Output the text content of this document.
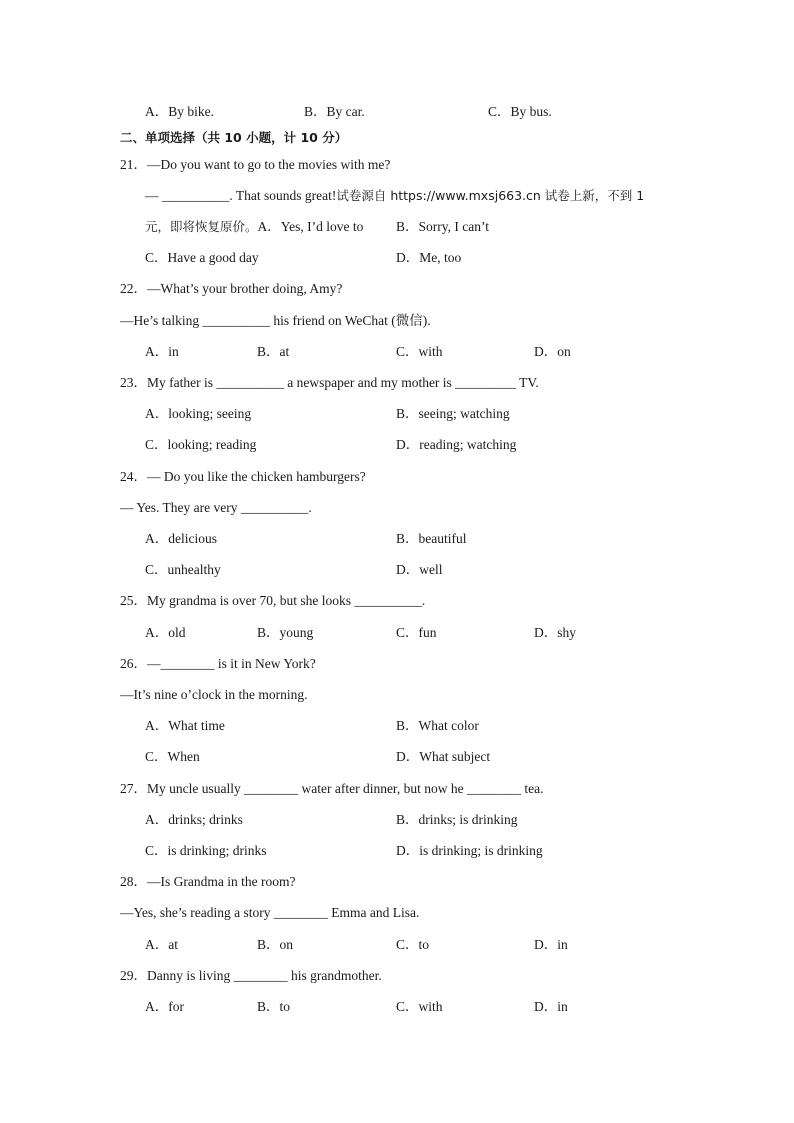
A．By bike.	B．By car.	C．By bus.
二、单项选择（共 10 小题，计 10 分）
21．—Do you want to go to the movies with me?
— __________. That sounds great!试卷源自 https://www.mxsj663.cn 试卷上新，不到 1
元，即将恢复原价。A．Yes, I’d love to B．Sorry, I can’t
C．Have a good day	D．Me, too
22．—What’s your brother doing, Amy?
—He’s talking __________ his friend on WeChat (微信).
A．in	B．at	C．with	D．on
23．My father is __________ a newspaper and my mother is _________ TV.
A．looking; seeing	B．seeing; watching
C．looking; reading	D．reading; watching
24．— Do you like the chicken hamburgers?
— Yes. They are very __________.
A．delicious	B．beautiful
C．unhealthy	D．well
25．My grandma is over 70, but she looks __________.
A．old	B．young	C．fun	D．shy
26．—________ is it in New York?
—It’s nine o’clock in the morning.
A．What time	B．What color
C．When	D．What subject
27．My uncle usually ________ water after dinner, but now he ________ tea.
A．drinks; drinks	B．drinks; is drinking
C．is drinking; drinks	D．is drinking; is drinking
28．—Is Grandma in the room?
—Yes, she’s reading a story ________ Emma and Lisa.
A．at	B．on	C．to	D．in
29．Danny is living ________ his grandmother.
A．for	B．to	C．with	D．in
